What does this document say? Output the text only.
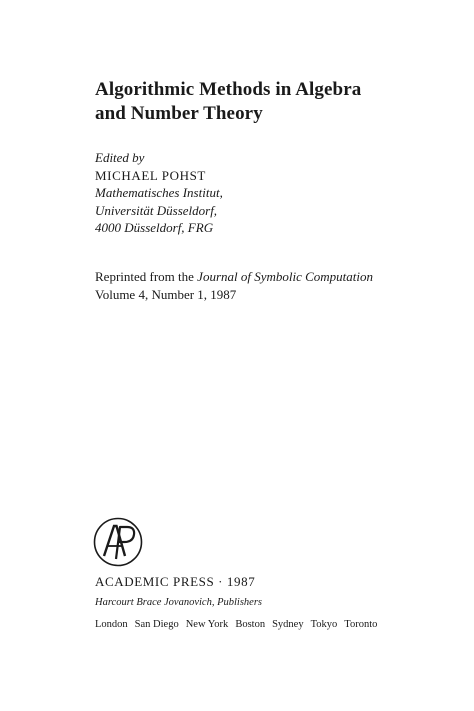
Algorithmic Methods in Algebra
and Number Theory
Edited by
MICHAEL POHST
Mathematisches Institut,
Universität Düsseldorf,
4000 Düsseldorf, FRG
Reprinted from the Journal of Symbolic Computation
Volume 4, Number 1, 1987
ACADEMIC PRESS · 1987
Harcourt Brace Jovanovich, Publishers
London San Diego New York Boston Sydney Tokyo Toronto
